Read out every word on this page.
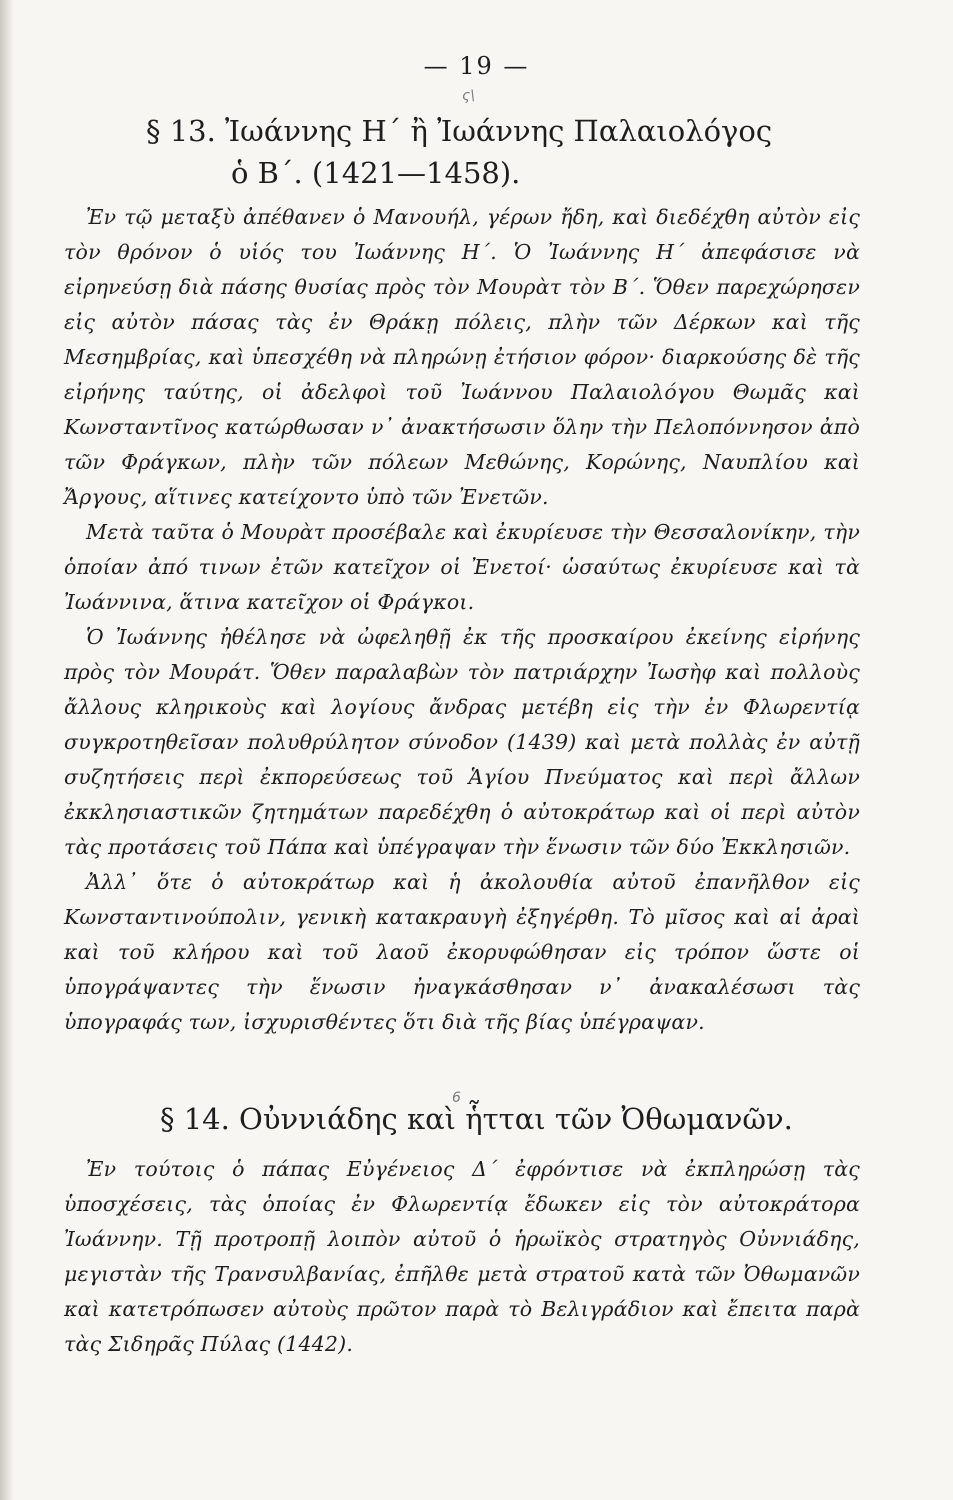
— 19 —
ς\
§ 13. Ἰωάννης Η΄ ἢ Ἰωάννης Παλαιολόγος
ὁ Β΄. (1421—1458).

Ἐν τῷ μεταξὺ ἀπέθανεν ὁ Μανουήλ, γέρων ἤδη, καὶ διεδέχθη αὐτὸν εἰς τὸν θρόνον ὁ υἱός του Ἰωάννης Η΄. Ὁ Ἰωάννης Η΄ ἀπεφάσισε νὰ εἰρηνεύσῃ διὰ πάσης θυσίας πρὸς τὸν Μουρὰτ τὸν Β΄. Ὅθεν παρεχώρησεν εἰς αὐτὸν πάσας τὰς ἐν Θράκῃ πόλεις, πλὴν τῶν Δέρκων καὶ τῆς Μεσημβρίας, καὶ ὑπεσχέθη νὰ πληρώνῃ ἐτήσιον φόρον· διαρκούσης δὲ τῆς εἰρήνης ταύτης, οἱ ἀδελφοὶ τοῦ Ἰωάννου Παλαιολόγου Θωμᾶς καὶ Κωνσταντῖνος κατώρθωσαν ν᾽ ἀνακτήσωσιν ὅλην τὴν Πελοπόννησον ἀπὸ τῶν Φράγκων, πλὴν τῶν πόλεων Μεθώνης, Κορώνης, Ναυπλίου καὶ Ἄργους, αἵτινες κατείχοντο ὑπὸ τῶν Ἐνετῶν.

Μετὰ ταῦτα ὁ Μουρὰτ προσέβαλε καὶ ἐκυρίευσε τὴν Θεσσαλονίκην, τὴν ὁποίαν ἀπό τινων ἐτῶν κατεῖχον οἱ Ἐνετοί· ὡσαύτως ἐκυρίευσε καὶ τὰ Ἰωάννινα, ἅτινα κατεῖχον οἱ Φράγκοι.

Ὁ Ἰωάννης ἠθέλησε νὰ ὠφεληθῇ ἐκ τῆς προσκαίρου ἐκείνης εἰρήνης πρὸς τὸν Μουράτ. Ὅθεν παραλαβὼν τὸν πατριάρχην Ἰωσὴφ καὶ πολλοὺς ἄλλους κληρικοὺς καὶ λογίους ἄνδρας μετέβη εἰς τὴν ἐν Φλωρεντίᾳ συγκροτηθεῖσαν πολυθρύλητον σύνοδον (1439) καὶ μετὰ πολλὰς ἐν αὐτῇ συζητήσεις περὶ ἐκπορεύσεως τοῦ Ἁγίου Πνεύματος καὶ περὶ ἄλλων ἐκκλησιαστικῶν ζητημάτων παρεδέχθη ὁ αὐτοκράτωρ καὶ οἱ περὶ αὐτὸν τὰς προτάσεις τοῦ Πάπα καὶ ὑπέγραψαν τὴν ἕνωσιν τῶν δύο Ἐκκλησιῶν.

Ἀλλ᾽ ὅτε ὁ αὐτοκράτωρ καὶ ἡ ἀκολουθία αὐτοῦ ἐπανῆλθον εἰς Κωνσταντινούπολιν, γενικὴ κατακραυγὴ ἐξηγέρθη. Τὸ μῖσος καὶ αἱ ἀραὶ καὶ τοῦ κλήρου καὶ τοῦ λαοῦ ἐκορυφώθησαν εἰς τρόπον ὥστε οἱ ὑπογράψαντες τὴν ἕνωσιν ἠναγκάσθησαν ν᾽ ἀνακαλέσωσι τὰς ὑπογραφάς των, ἰσχυρισθέντες ὅτι διὰ τῆς βίας ὑπέγραψαν.

6
§ 14. Οὐννιάδης καὶ ἧτται τῶν Ὀθωμανῶν.

Ἐν τούτοις ὁ πάπας Εὐγένειος Δ΄ ἐφρόντισε νὰ ἐκπληρώσῃ τὰς ὑποσχέσεις, τὰς ὁποίας ἐν Φλωρεντίᾳ ἔδωκεν εἰς τὸν αὐτοκράτορα Ἰωάννην. Τῇ προτροπῇ λοιπὸν αὐτοῦ ὁ ἡρωϊκὸς στρατηγὸς Οὐννιάδης, μεγιστὰν τῆς Τρανσυλβανίας, ἐπῆλθε μετὰ στρατοῦ κατὰ τῶν Ὀθωμανῶν καὶ κατετρόπωσεν αὐτοὺς πρῶτον παρὰ τὸ Βελιγράδιον καὶ ἔπειτα παρὰ τὰς Σιδηρᾶς Πύλας (1442).
